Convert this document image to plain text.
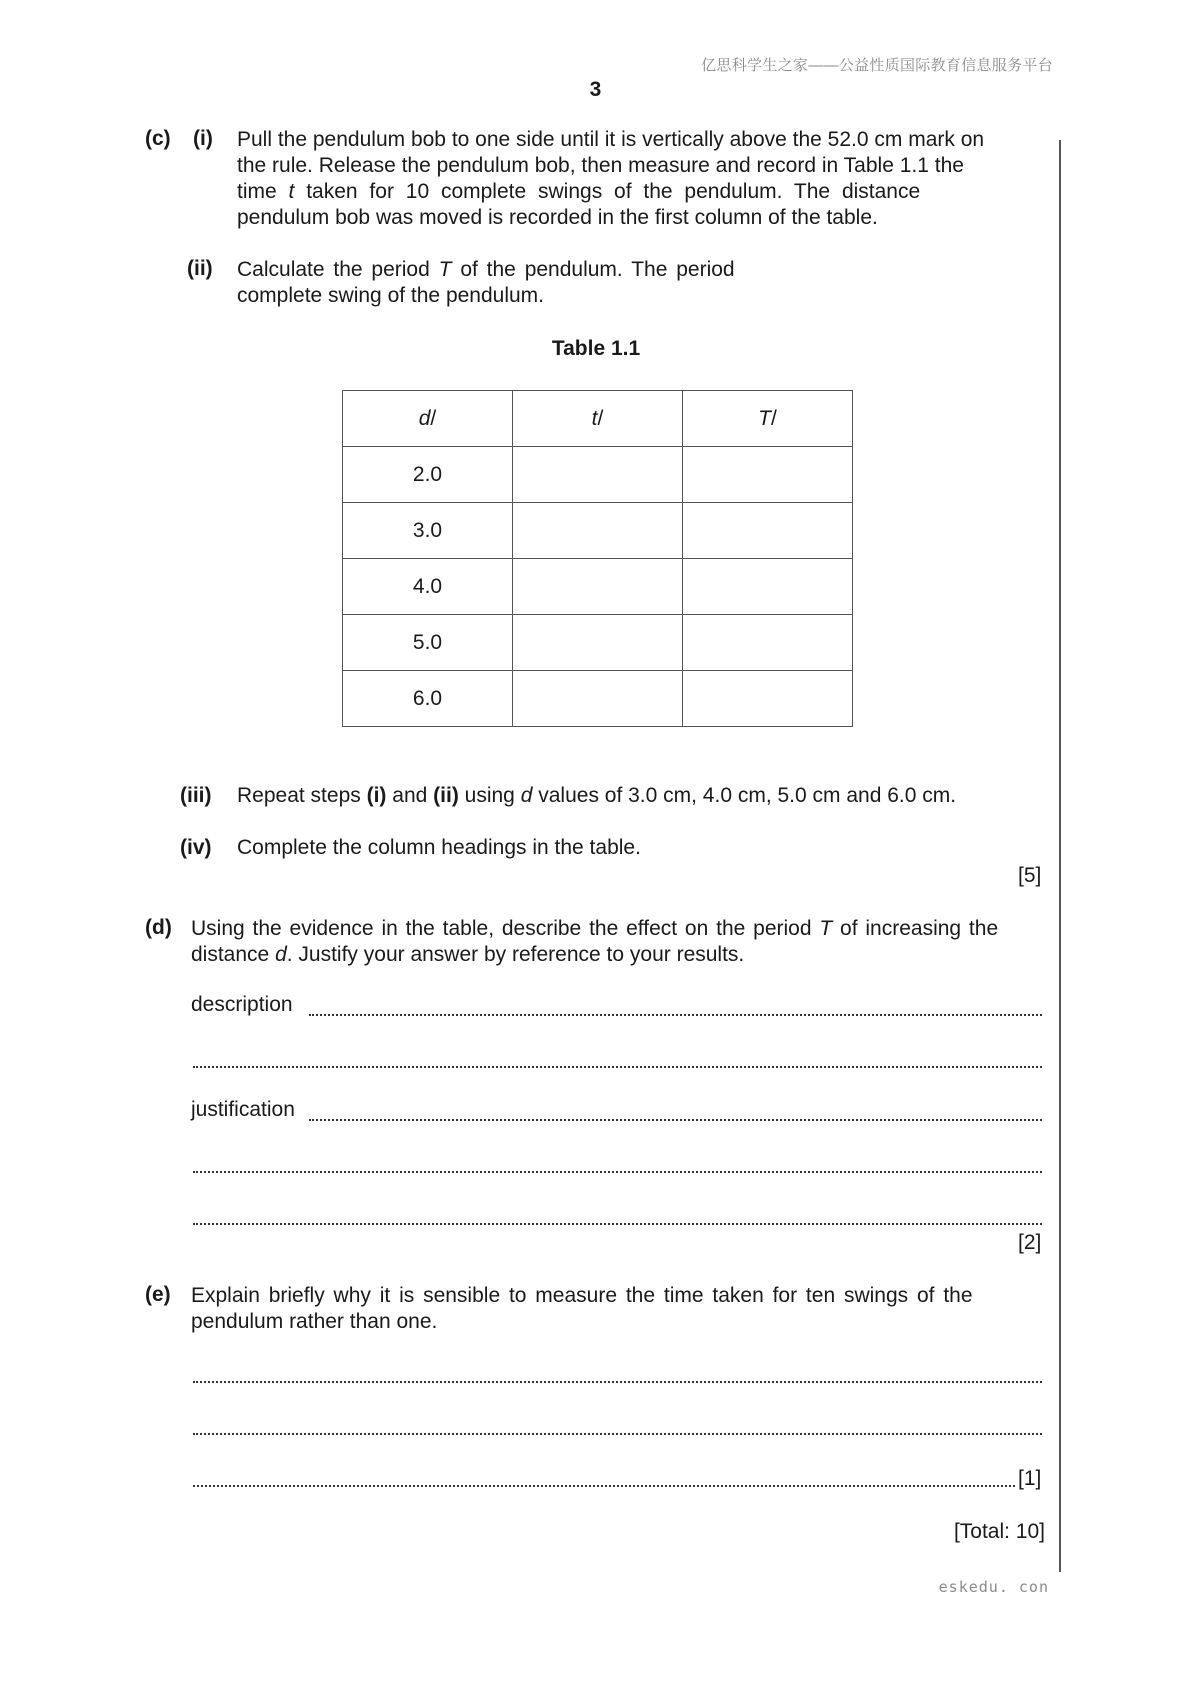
亿思科学生之家——公益性质国际教育信息服务平台
3
eskedu. con
(c) (i) Pull the pendulum bob to one side until it is vertically above the 52.0 cm mark on
the rule. Release the pendulum bob, then measure and record in Table 1.1 the
time t taken for 10 complete swings of the pendulum. The distance
pendulum bob was moved is recorded in the first column of the table.
(ii) Calculate the period T of the pendulum. The period
complete swing of the pendulum.
Table 1.1
d/	t/	T/
2.0		
3.0		
4.0		
5.0		
6.0		
(iii) Repeat steps (i) and (ii) using d values of 3.0 cm, 4.0 cm, 5.0 cm and 6.0 cm.
(iv) Complete the column headings in the table.
[5]
(d) Using the evidence in the table, describe the effect on the period T of increasing the
distance d. Justify your answer by reference to your results.
description
justification
[2]
(e) Explain briefly why it is sensible to measure the time taken for ten swings of the
pendulum rather than one.
[1]
[Total: 10]
